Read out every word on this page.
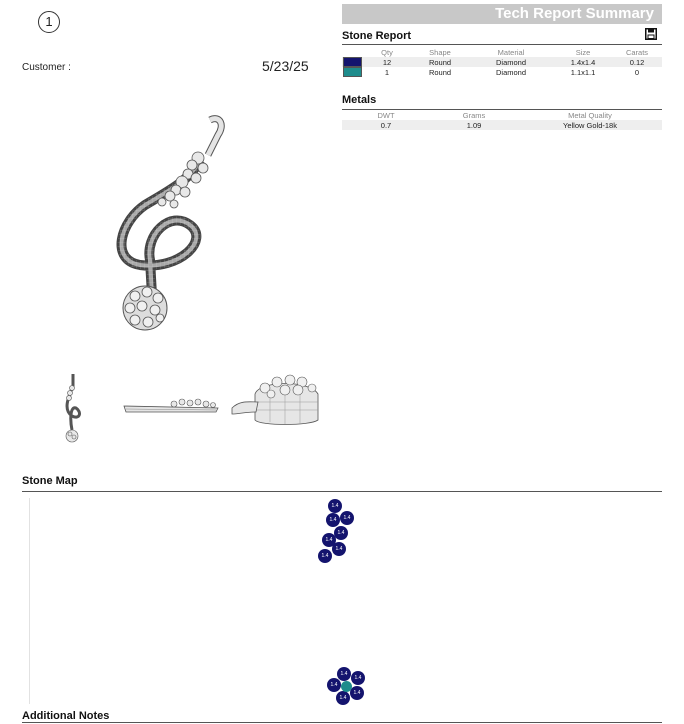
1
Customer :	5/23/25
Tech Report Summary
Stone Report
	Qty	Shape	Material	Size	Carats
	12	Round	Diamond	1.4x1.4	0.12
	1	Round	Diamond	1.1x1.1	0
Metals
DWT	Grams	Metal Quality
0.7	1.09	Yellow Gold-18k
Stone Map
1.4
1.4	1.4
1.4
1.4
1.4
1.4
1.4
1.4
1.4
1.4
1.4
Additional Notes
